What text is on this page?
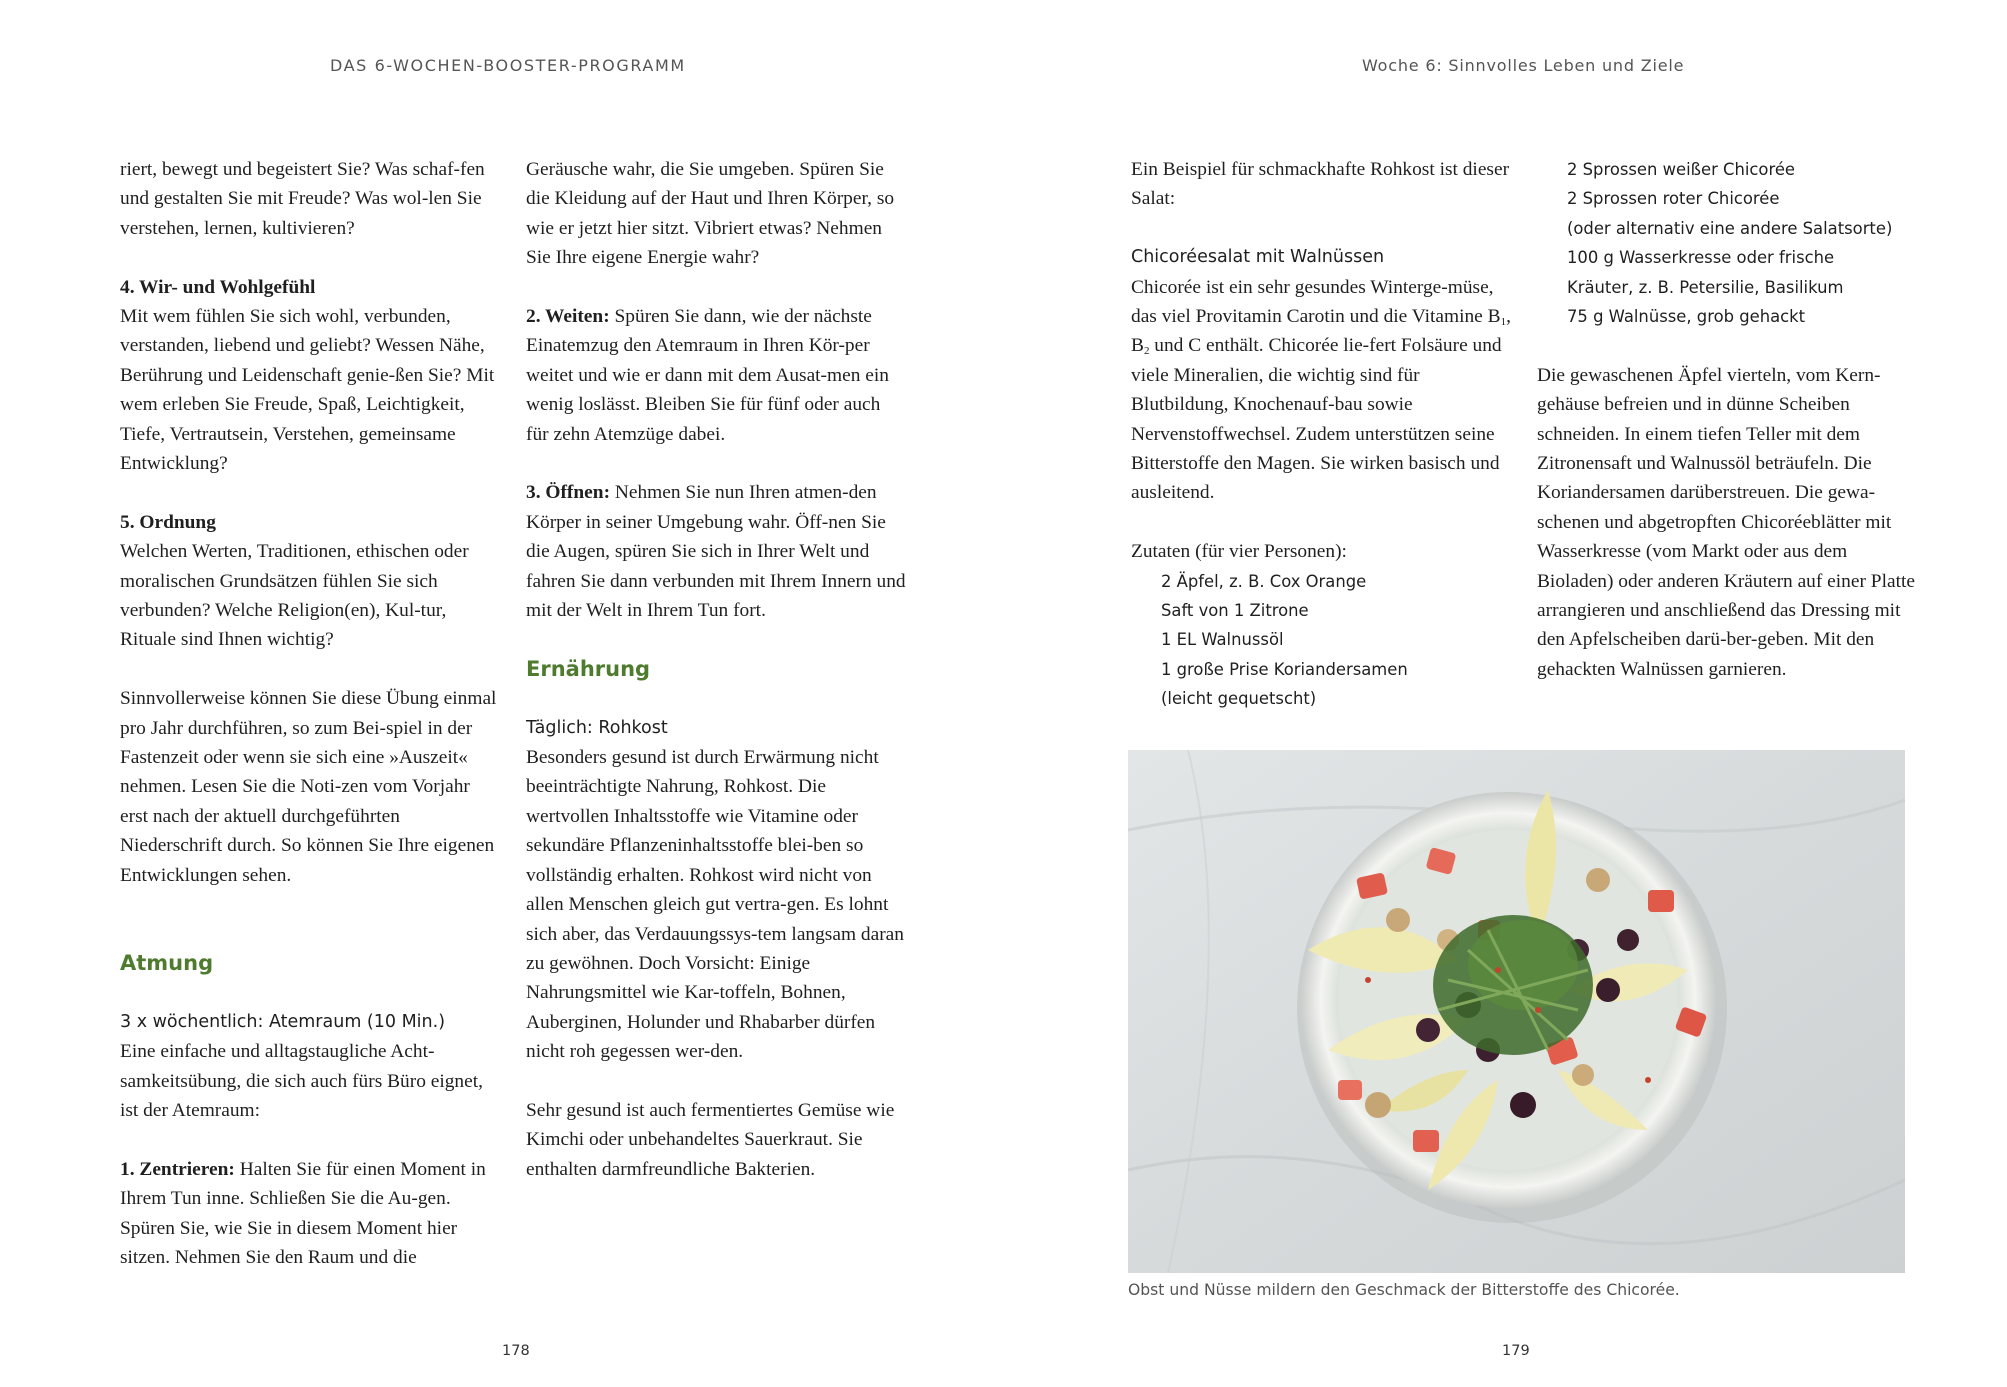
DAS 6-WOCHEN-BOOSTER-PROGRAMM

riert, bewegt und begeistert Sie? Was schaf-fen und gestalten Sie mit Freude? Was wol-len Sie verstehen, lernen, kultivieren?

4. Wir- und Wohlgefühl

Mit wem fühlen Sie sich wohl, verbunden, verstanden, liebend und geliebt? Wessen Nähe, Berührung und Leidenschaft genie-ßen Sie? Mit wem erleben Sie Freude, Spaß, Leichtigkeit, Tiefe, Vertrautsein, Verstehen, gemeinsame Entwicklung?

5. Ordnung

Welchen Werten, Traditionen, ethischen oder moralischen Grundsätzen fühlen Sie sich verbunden? Welche Religion(en), Kul-tur, Rituale sind Ihnen wichtig?

Sinnvollerweise können Sie diese Übung einmal pro Jahr durchführen, so zum Bei-spiel in der Fastenzeit oder wenn sie sich eine »Auszeit« nehmen. Lesen Sie die Noti-zen vom Vorjahr erst nach der aktuell durchgeführten Niederschrift durch. So können Sie Ihre eigenen Entwicklungen sehen.

Atmung

3 x wöchentlich: Atemraum (10 Min.)

Eine einfache und alltagstaugliche Acht-samkeitsübung, die sich auch fürs Büro eignet, ist der Atemraum:

1. Zentrieren: Halten Sie für einen Moment in Ihrem Tun inne. Schließen Sie die Au-gen. Spüren Sie, wie Sie in diesem Moment hier sitzen. Nehmen Sie den Raum und die

Geräusche wahr, die Sie umgeben. Spüren Sie die Kleidung auf der Haut und Ihren Körper, so wie er jetzt hier sitzt. Vibriert etwas? Nehmen Sie Ihre eigene Energie wahr?

2. Weiten: Spüren Sie dann, wie der nächste Einatemzug den Atemraum in Ihren Kör-per weitet und wie er dann mit dem Ausat-men ein wenig loslässt. Bleiben Sie für fünf oder auch für zehn Atemzüge dabei.

3. Öffnen: Nehmen Sie nun Ihren atmen-den Körper in seiner Umgebung wahr. Öff-nen Sie die Augen, spüren Sie sich in Ihrer Welt und fahren Sie dann verbunden mit Ihrem Innern und mit der Welt in Ihrem Tun fort.

Ernährung

Täglich: Rohkost

Besonders gesund ist durch Erwärmung nicht beeinträchtigte Nahrung, Rohkost. Die wertvollen Inhaltsstoffe wie Vitamine oder sekundäre Pflanzeninhaltsstoffe blei-ben so vollständig erhalten. Rohkost wird nicht von allen Menschen gleich gut vertra-gen. Es lohnt sich aber, das Verdauungssys-tem langsam daran zu gewöhnen. Doch Vorsicht: Einige Nahrungsmittel wie Kar-toffeln, Bohnen, Auberginen, Holunder und Rhabarber dürfen nicht roh gegessen wer-den.

Sehr gesund ist auch fermentiertes Gemüse wie Kimchi oder unbehandeltes Sauerkraut. Sie enthalten darmfreundliche Bakterien.

178
Woche 6: Sinnvolles Leben und Ziele

Ein Beispiel für schmackhafte Rohkost ist dieser Salat:

Chicoréesalat mit Walnüssen

Chicorée ist ein sehr gesundes Winterge-müse, das viel Provitamin Carotin und die Vitamine $B_1$, $B_2$ und C enthält. Chicorée lie-fert Folsäure und viele Mineralien, die wichtig sind für Blutbildung, Knochenauf-bau sowie Nervenstoffwechsel. Zudem unterstützen seine Bitterstoffe den Magen. Sie wirken basisch und ausleitend.

Zutaten (für vier Personen):

2 Äpfel, z. B. Cox Orange
Saft von 1 Zitrone
1 EL Walnussöl
1 große Prise Koriandersamen
(leicht gequetscht)
2 Sprossen weißer Chicorée
2 Sprossen roter Chicorée
(oder alternativ eine andere Salatsorte)
100 g Wasserkresse oder frische
Kräuter, z. B. Petersilie, Basilikum
75 g Walnüsse, grob gehackt

Die gewaschenen Äpfel vierteln, vom Kern-gehäuse befreien und in dünne Scheiben schneiden. In einem tiefen Teller mit dem Zitronensaft und Walnussöl beträufeln. Die Koriandersamen darüberstreuen. Die gewa-schenen und abgetropften Chicoréeblätter mit Wasserkresse (vom Markt oder aus dem Bioladen) oder anderen Kräutern auf einer Platte arrangieren und anschließend das Dressing mit den Apfelscheiben darü-ber-geben. Mit den gehackten Walnüssen garnieren.

Obst und Nüsse mildern den Geschmack der Bitterstoffe des Chicorée.
179
